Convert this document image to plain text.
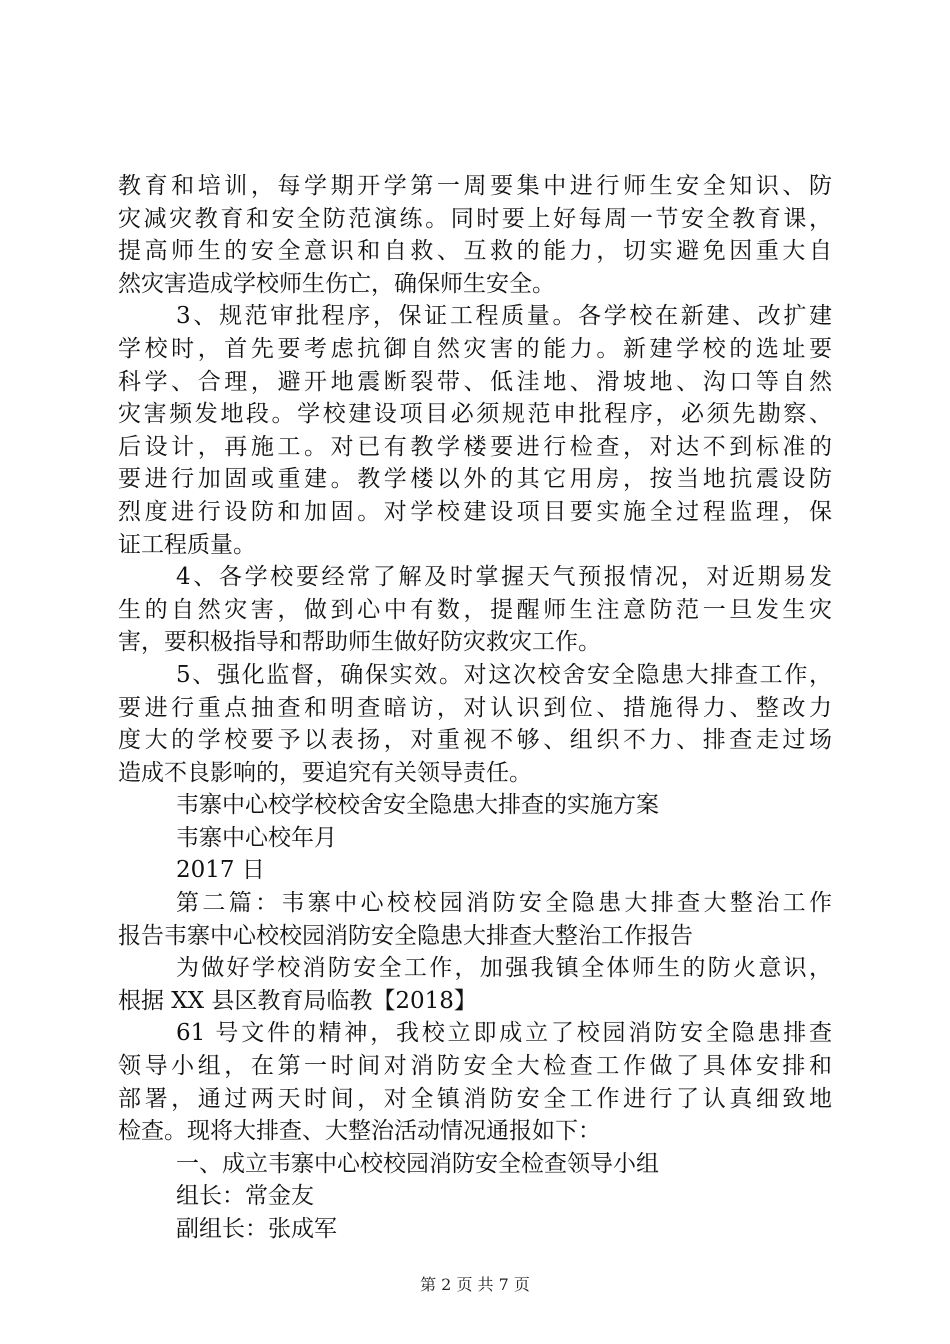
教育和培训，每学期开学第一周要集中进行师生安全知识、防
灾减灾教育和安全防范演练。同时要上好每周一节安全教育课，
提高师生的安全意识和自救、互救的能力，切实避免因重大自
然灾害造成学校师生伤亡，确保师生安全。
3、规范审批程序，保证工程质量。各学校在新建、改扩建
学校时，首先要考虑抗御自然灾害的能力。新建学校的选址要
科学、合理，避开地震断裂带、低洼地、滑坡地、沟口等自然
灾害频发地段。学校建设项目必须规范申批程序，必须先勘察、
后设计，再施工。对已有教学楼要进行检查，对达不到标准的
要进行加固或重建。教学楼以外的其它用房，按当地抗震设防
烈度进行设防和加固。对学校建设项目要实施全过程监理，保
证工程质量。
4、各学校要经常了解及时掌握天气预报情况，对近期易发
生的自然灾害，做到心中有数，提醒师生注意防范一旦发生灾
害，要积极指导和帮助师生做好防灾救灾工作。
5、强化监督，确保实效。对这次校舍安全隐患大排查工作，
要进行重点抽查和明查暗访，对认识到位、措施得力、整改力
度大的学校要予以表扬，对重视不够、组织不力、排查走过场
造成不良影响的，要追究有关领导责任。
韦寨中心校学校校舍安全隐患大排查的实施方案
韦寨中心校年月
2017 日
第二篇：韦寨中心校校园消防安全隐患大排查大整治工作
报告韦寨中心校校园消防安全隐患大排查大整治工作报告
为做好学校消防安全工作，加强我镇全体师生的防火意识，
根据 XX 县区教育局临教【2018】
61 号文件的精神，我校立即成立了校园消防安全隐患排查
领导小组，在第一时间对消防安全大检查工作做了具体安排和
部署，通过两天时间，对全镇消防安全工作进行了认真细致地
检查。现将大排查、大整治活动情况通报如下：
一、成立韦寨中心校校园消防安全检查领导小组
组长：常金友
副组长：张成军
第 2 页 共 7 页
